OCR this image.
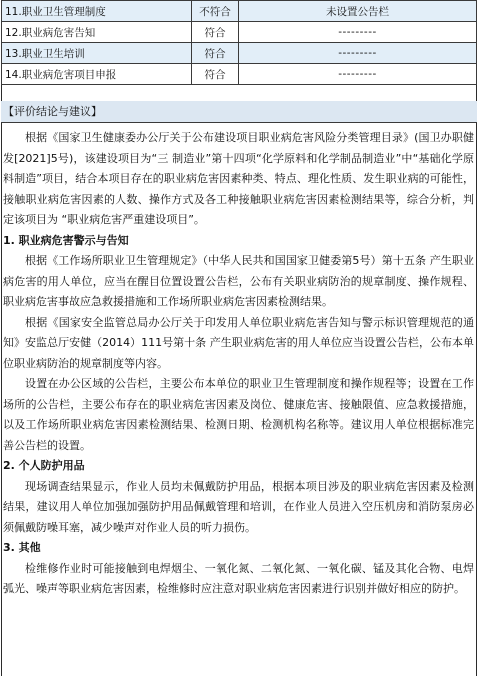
11.职业卫生管理制度	不符合	未设置公告栏
12.职业病危害告知	符合	---------
13.职业卫生培训	符合	---------
14.职业病危害项目申报	符合	---------
【评价结论与建议】

根据《国家卫生健康委办公厅关于公布建设项目职业病危害风险分类管理目录》(国卫办职健发[2021]5号)，该建设项目为“三 制造业”第十四项“化学原料和化学制品制造业”中“基础化学原料制造”项目，结合本项目存在的职业病危害因素种类、特点、理化性质、发生职业病的可能性，接触职业病危害因素的人数、操作方式及各工种接触职业病危害因素检测结果等，综合分析，判定该项目为 “职业病危害严重建设项目”。

1. 职业病危害警示与告知

根据《工作场所职业卫生管理规定》（中华人民共和国国家卫健委第5号）第十五条 产生职业病危害的用人单位，应当在醒目位置设置公告栏，公布有关职业病防治的规章制度、操作规程、职业病危害事故应急救援措施和工作场所职业病危害因素检测结果。

根据《国家安全监管总局办公厅关于印发用人单位职业病危害告知与警示标识管理规范的通知》安监总厅安健（2014）111号第十条 产生职业病危害的用人单位应当设置公告栏，公布本单位职业病防治的规章制度等内容。

设置在办公区域的公告栏，主要公布本单位的职业卫生管理制度和操作规程等；设置在工作场所的公告栏，主要公布存在的职业病危害因素及岗位、健康危害、接触限值、应急救援措施，以及工作场所职业病危害因素检测结果、检测日期、检测机构名称等。建议用人单位根据标准完善公告栏的设置。

2. 个人防护用品

现场调查结果显示，作业人员均未佩戴防护用品，根据本项目涉及的职业病危害因素及检测结果，建议用人单位加强加强防护用品佩戴管理和培训，在作业人员进入空压机房和消防泵房必须佩戴防噪耳塞，减少噪声对作业人员的听力损伤。

3. 其他

检维修作业时可能接触到电焊烟尘、一氧化氮、二氧化氮、一氧化碳、锰及其化合物、电焊弧光、噪声等职业病危害因素，检维修时应注意对职业病危害因素进行识别并做好相应的防护。
